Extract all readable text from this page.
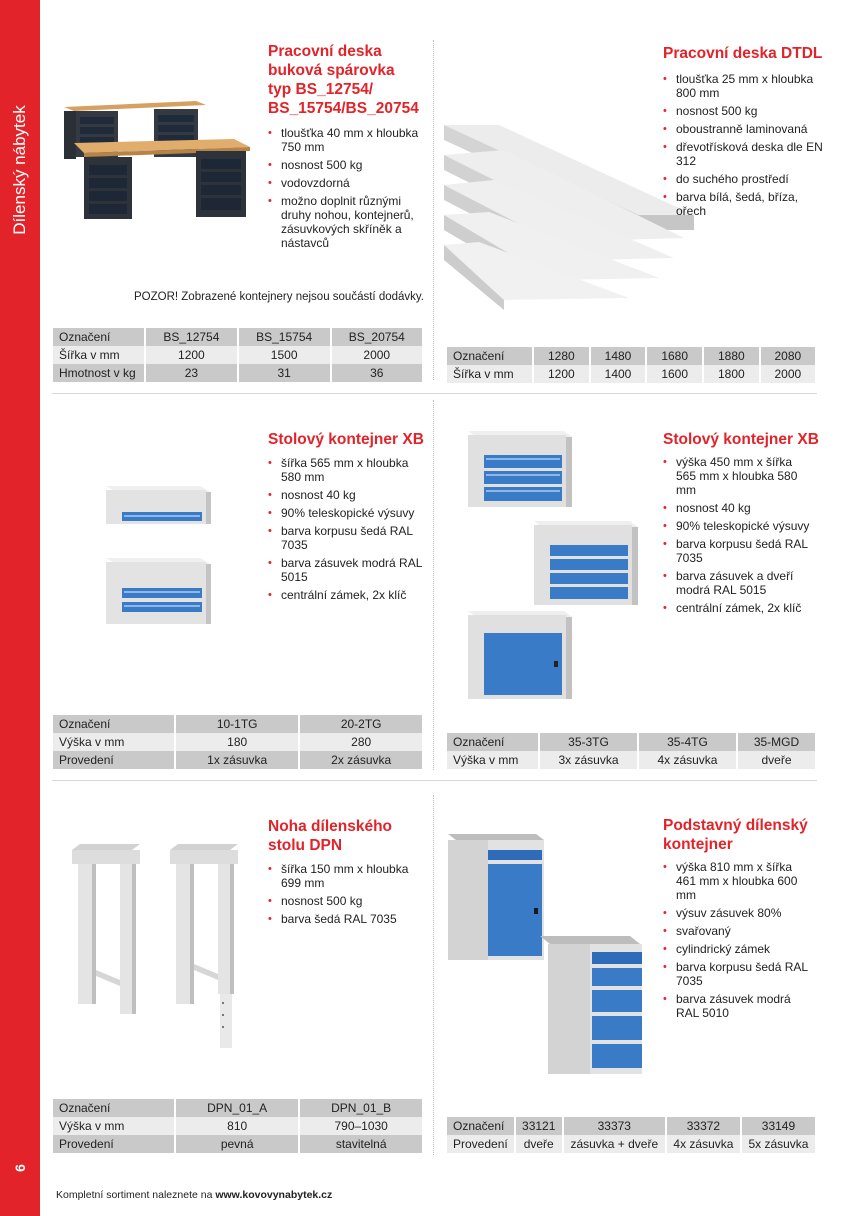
Dílenský nábytek
6
Pracovní deska
buková spárovka
typ BS_12754/
BS_15754/BS_20754
• tloušťka 40 mm x hloubka 750 mm
• nosnost 500 kg
• vodovzdorná
• možno doplnit různými druhy nohou, kontejnerů, zásuvkových skříněk a nástavců
POZOR! Zobrazené kontejnery nejsou součástí dodávky.
Označení	BS_12754	BS_15754	BS_20754
Šířka v mm	1200	1500	2000
Hmotnost v kg	23	31	36
Pracovní deska DTDL
• tloušťka 25 mm x hloubka 800 mm
• nosnost 500 kg
• oboustranně laminovaná
• dřevotřísková deska dle EN 312
• do suchého prostředí
• barva bílá, šedá, bříza, ořech
Označení	1280	1480	1680	1880	2080
Šířka v mm	1200	1400	1600	1800	2000
Stolový kontejner XB
• šířka 565 mm x hloubka 580 mm
• nosnost 40 kg
• 90% teleskopické výsuvy
• barva korpusu šedá RAL 7035
• barva zásuvek modrá RAL 5015
• centrální zámek, 2x klíč
Označení	10-1TG	20-2TG
Výška v mm	180	280
Provedení	1x zásuvka	2x zásuvka
Stolový kontejner XB
• výška 450 mm x šířka 565 mm x hloubka 580 mm
• nosnost 40 kg
• 90% teleskopické výsuvy
• barva korpusu šedá RAL 7035
• barva zásuvek a dveří modrá RAL 5015
• centrální zámek, 2x klíč
Označení	35-3TG	35-4TG	35-MGD
Výška v mm	3x zásuvka	4x zásuvka	dveře
Noha dílenského
stolu DPN
• šířka 150 mm x hloubka 699 mm
• nosnost 500 kg
• barva šedá RAL 7035
Označení	DPN_01_A	DPN_01_B
Výška v mm	810	790–1030
Provedení	pevná	stavitelná
Podstavný dílenský
kontejner
• výška 810 mm x šířka 461 mm x hloubka 600 mm
• výsuv zásuvek 80%
• svařovaný
• cylindrický zámek
• barva korpusu šedá RAL 7035
• barva zásuvek modrá RAL 5010
Označení	33121	33373	33372	33149
Provedení	dveře	zásuvka + dveře	4x zásuvka	5x zásuvka
Kompletní sortiment naleznete na www.kovovynabytek.cz
